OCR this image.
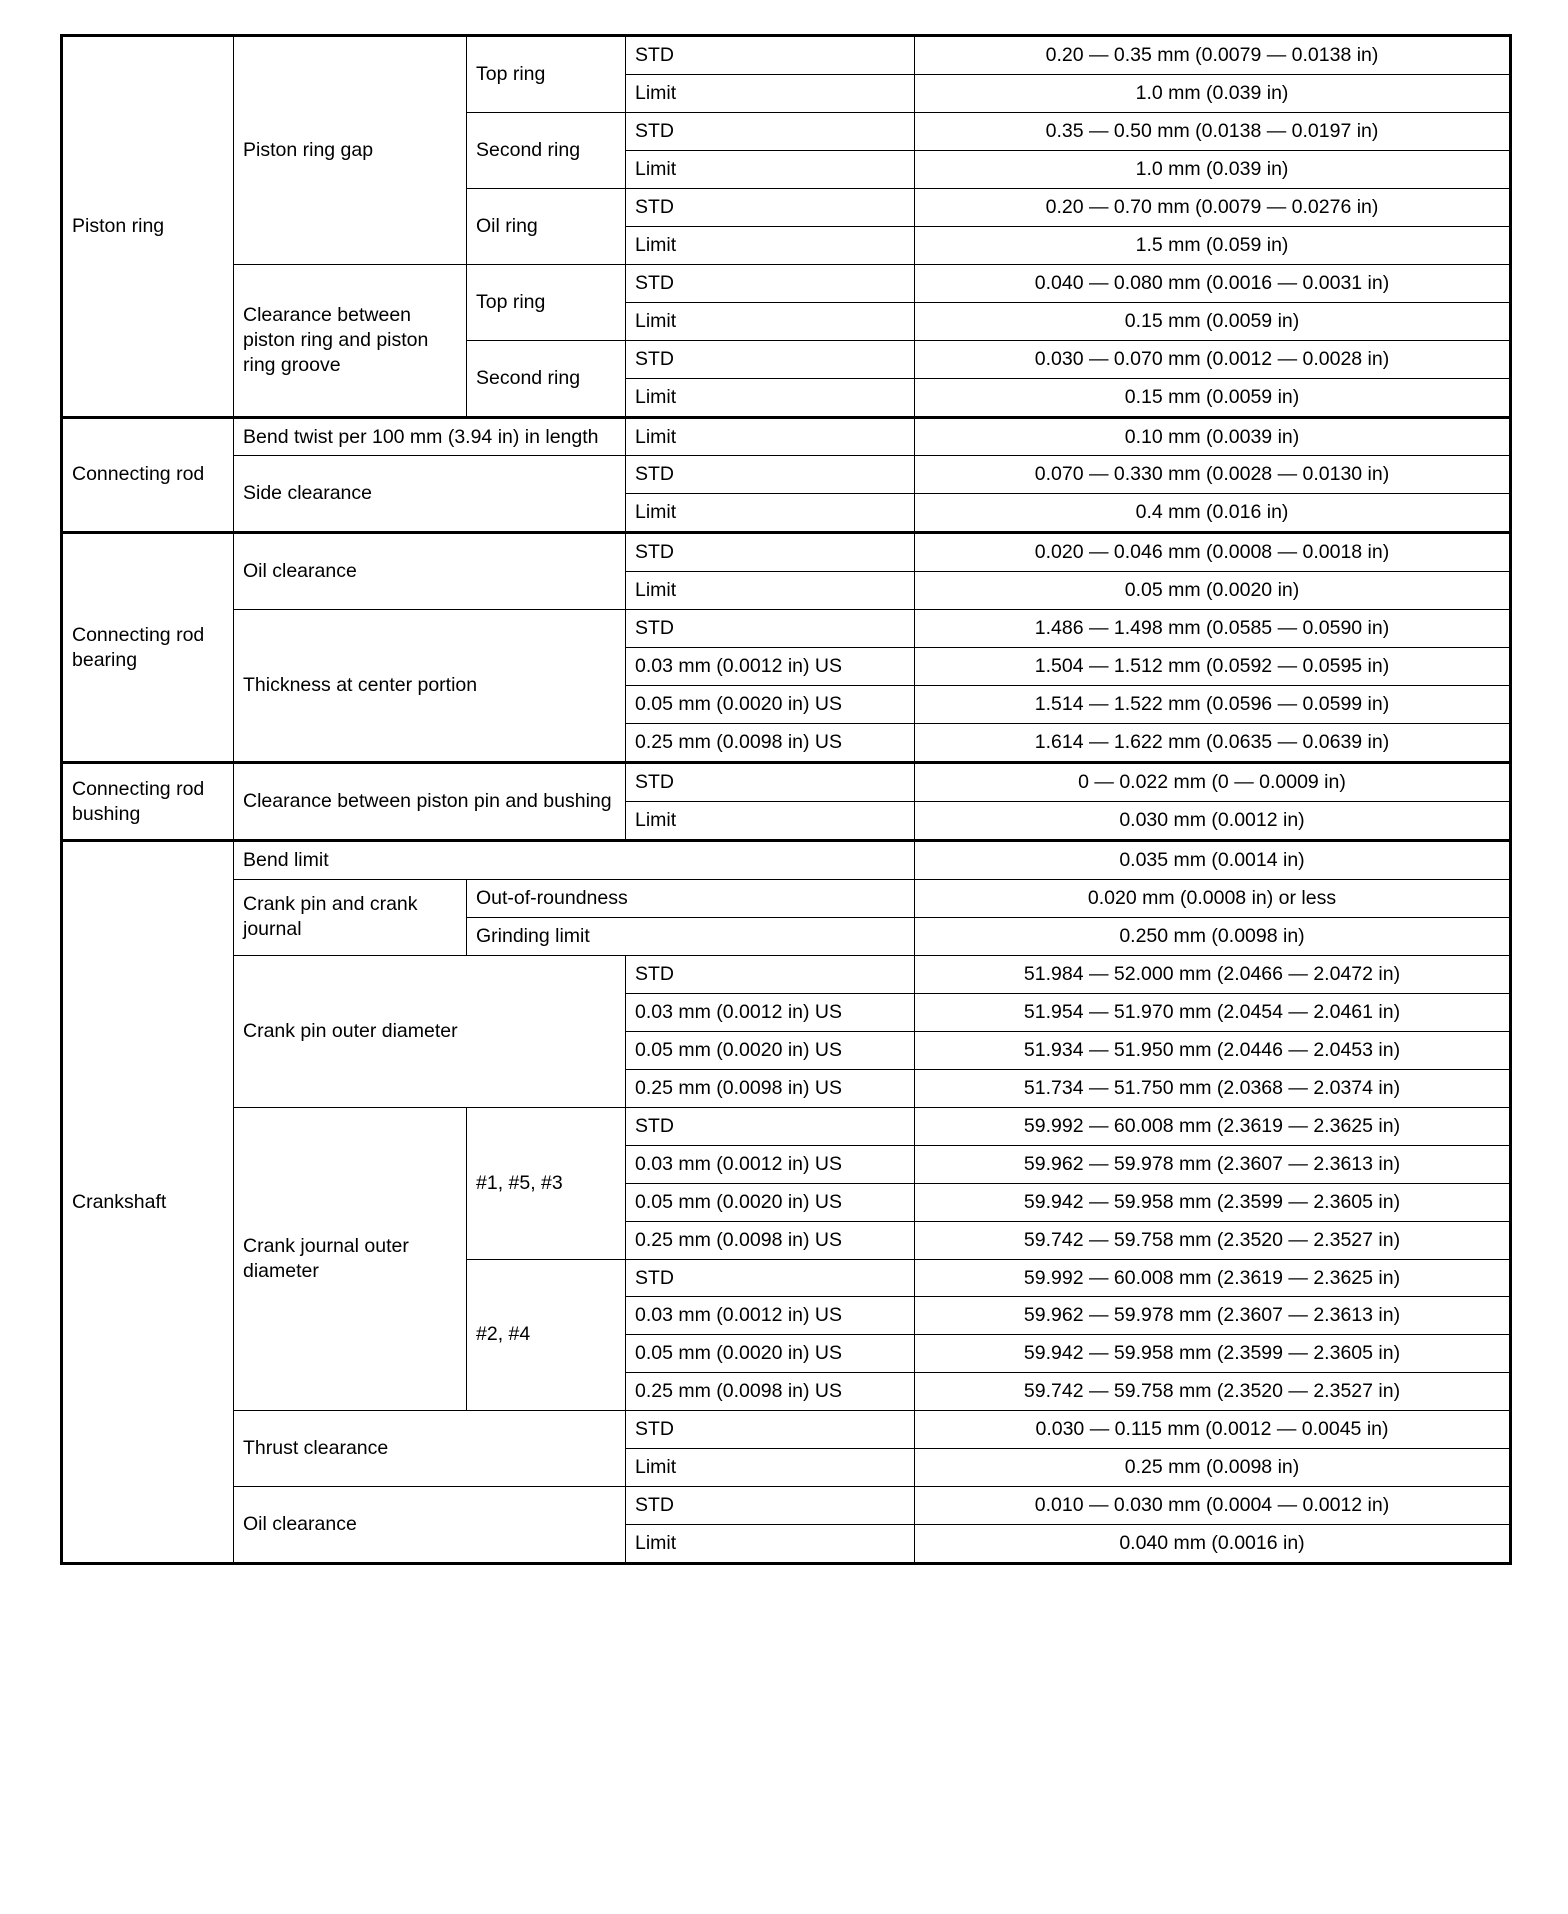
Piston ring	Piston ring gap	Top ring	STD	0.20 — 0.35 mm (0.0079 — 0.0138 in)
			Limit	1.0 mm (0.039 in)
		Second ring	STD	0.35 — 0.50 mm (0.0138 — 0.0197 in)
			Limit	1.0 mm (0.039 in)
		Oil ring	STD	0.20 — 0.70 mm (0.0079 — 0.0276 in)
			Limit	1.5 mm (0.059 in)
	Clearance between piston ring and piston ring groove	Top ring	STD	0.040 — 0.080 mm (0.0016 — 0.0031 in)
			Limit	0.15 mm (0.0059 in)
		Second ring	STD	0.030 — 0.070 mm (0.0012 — 0.0028 in)
			Limit	0.15 mm (0.0059 in)
Connecting rod	Bend twist per 100 mm (3.94 in) in length		Limit	0.10 mm (0.0039 in)
	Side clearance		STD	0.070 — 0.330 mm (0.0028 — 0.0130 in)
			Limit	0.4 mm (0.016 in)
Connecting rod bearing	Oil clearance		STD	0.020 — 0.046 mm (0.0008 — 0.0018 in)
			Limit	0.05 mm (0.0020 in)
	Thickness at center portion		STD	1.486 — 1.498 mm (0.0585 — 0.0590 in)
			0.03 mm (0.0012 in) US	1.504 — 1.512 mm (0.0592 — 0.0595 in)
			0.05 mm (0.0020 in) US	1.514 — 1.522 mm (0.0596 — 0.0599 in)
			0.25 mm (0.0098 in) US	1.614 — 1.622 mm (0.0635 — 0.0639 in)
Connecting rod bushing	Clearance between piston pin and bushing		STD	0 — 0.022 mm (0 — 0.0009 in)
			Limit	0.030 mm (0.0012 in)
Crankshaft	Bend limit			0.035 mm (0.0014 in)
	Crank pin and crank journal	Out-of-roundness		0.020 mm (0.0008 in) or less
		Grinding limit		0.250 mm (0.0098 in)
	Crank pin outer diameter		STD	51.984 — 52.000 mm (2.0466 — 2.0472 in)
			0.03 mm (0.0012 in) US	51.954 — 51.970 mm (2.0454 — 2.0461 in)
			0.05 mm (0.0020 in) US	51.934 — 51.950 mm (2.0446 — 2.0453 in)
			0.25 mm (0.0098 in) US	51.734 — 51.750 mm (2.0368 — 2.0374 in)
	Crank journal outer diameter	#1, #5, #3	STD	59.992 — 60.008 mm (2.3619 — 2.3625 in)
			0.03 mm (0.0012 in) US	59.962 — 59.978 mm (2.3607 — 2.3613 in)
			0.05 mm (0.0020 in) US	59.942 — 59.958 mm (2.3599 — 2.3605 in)
			0.25 mm (0.0098 in) US	59.742 — 59.758 mm (2.3520 — 2.3527 in)
		#2, #4	STD	59.992 — 60.008 mm (2.3619 — 2.3625 in)
			0.03 mm (0.0012 in) US	59.962 — 59.978 mm (2.3607 — 2.3613 in)
			0.05 mm (0.0020 in) US	59.942 — 59.958 mm (2.3599 — 2.3605 in)
			0.25 mm (0.0098 in) US	59.742 — 59.758 mm (2.3520 — 2.3527 in)
	Thrust clearance		STD	0.030 — 0.115 mm (0.0012 — 0.0045 in)
			Limit	0.25 mm (0.0098 in)
	Oil clearance		STD	0.010 — 0.030 mm (0.0004 — 0.0012 in)
			Limit	0.040 mm (0.0016 in)
